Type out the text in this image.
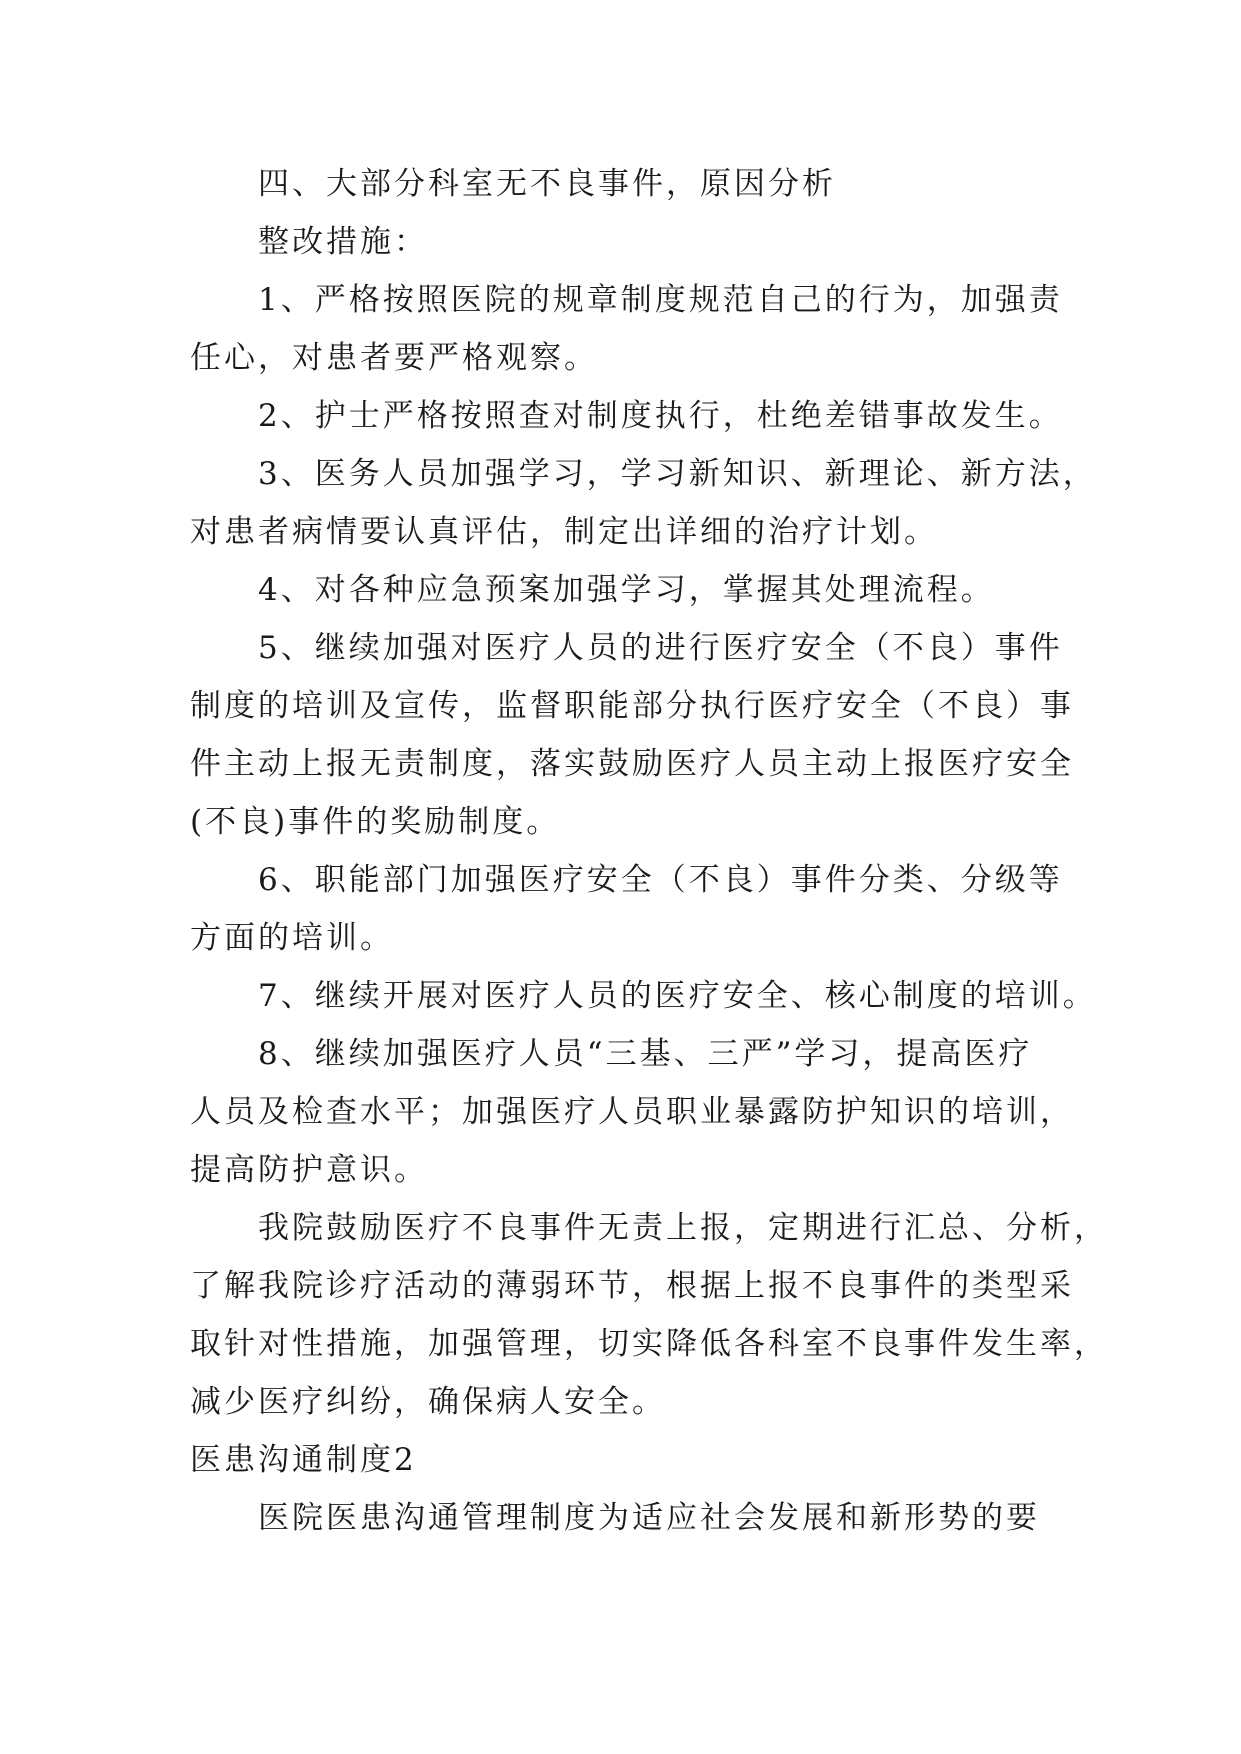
四、大部分科室无不良事件，原因分析
整改措施：
1、严格按照医院的规章制度规范自己的行为，加强责
任心，对患者要严格观察。
2、护士严格按照查对制度执行，杜绝差错事故发生。
3、医务人员加强学习，学习新知识、新理论、新方法，
对患者病情要认真评估，制定出详细的治疗计划。
4、对各种应急预案加强学习，掌握其处理流程。
5、继续加强对医疗人员的进行医疗安全（不良）事件
制度的培训及宣传，监督职能部分执行医疗安全（不良）事
件主动上报无责制度，落实鼓励医疗人员主动上报医疗安全
(不良)事件的奖励制度。
6、职能部门加强医疗安全（不良）事件分类、分级等
方面的培训。
7、继续开展对医疗人员的医疗安全、核心制度的培训。
8、继续加强医疗人员“三基、三严”学习，提高医疗
人员及检查水平；加强医疗人员职业暴露防护知识的培训，
提高防护意识。
我院鼓励医疗不良事件无责上报，定期进行汇总、分析，
了解我院诊疗活动的薄弱环节，根据上报不良事件的类型采
取针对性措施，加强管理，切实降低各科室不良事件发生率，
减少医疗纠纷，确保病人安全。
医患沟通制度2
医院医患沟通管理制度为适应社会发展和新形势的要
